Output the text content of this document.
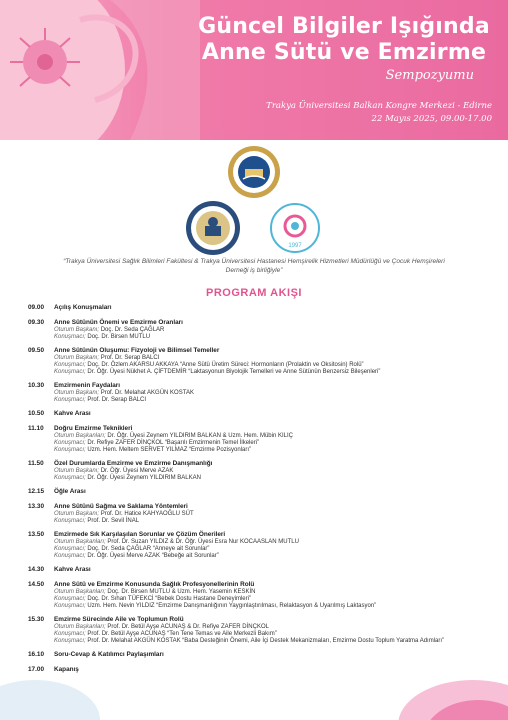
Güncel Bilgiler Işığında
Anne Sütü ve Emzirme
Sempozyumu
Trakya Üniversitesi Balkan Kongre Merkezi - Edirne
22 Mayıs 2025, 09.00-17.00
1997
“Trakya Üniversitesi Sağlık Bilimleri Fakültesi & Trakya Üniversitesi Hastanesi Hemşirelik Hizmetleri Müdürlüğü ve Çocuk Hemşireleri Derneği iş birliğiyle”
PROGRAM AKIŞI
09.00 Açılış Konuşmaları
09.30 Anne Sütünün Önemi ve Emzirme Oranları
Oturum Başkanı; Doç. Dr. Seda ÇAĞLAR
Konuşmacı; Doç. Dr. Birsen MUTLU
09.50 Anne Sütünün Oluşumu: Fizyoloji ve Bilimsel Temeller
Oturum Başkanı; Prof. Dr. Serap BALCI
Konuşmacı; Doç. Dr. Özlem AKARSU AKKAYA “Anne Sütü Üretim Süreci: Hormonların (Prolaktin ve Oksitosin) Rolü”
Konuşmacı; Dr. Öğr. Üyesi Nükhet A. ÇİFTDEMİR “Laktasyonun Biyolojik Temelleri ve Anne Sütünün Benzersiz Bileşenleri”
10.30 Emzirmenin Faydaları
Oturum Başkanı; Prof. Dr. Melahat AKGÜN KOSTAK
Konuşmacı; Prof. Dr. Serap BALCI
10.50 Kahve Arası
11.10 Doğru Emzirme Teknikleri
Oturum Başkanları; Dr. Öğr. Üyesi Zeynem YILDIRIM BALKAN & Uzm. Hem. Mübin KILIÇ
Konuşmacı; Dr. Refiye ZAFER DİNÇKOL “Başarılı Emzirmenin Temel İlkeleri”
Konuşmacı; Uzm. Hem. Meltem SERVET YILMAZ “Emzirme Pozisyonları”
11.50 Özel Durumlarda Emzirme ve Emzirme Danışmanlığı
Oturum Başkanı; Dr. Öğr. Üyesi Merve AZAK
Konuşmacı; Dr. Öğr. Üyesi Zeynem YILDIRIM BALKAN
12.15 Öğle Arası
13.30 Anne Sütünü Sağma ve Saklama Yöntemleri
Oturum Başkanı; Prof. Dr. Hatice KAHYAOĞLU SÜT
Konuşmacı; Prof. Dr. Sevil İNAL
13.50 Emzirmede Sık Karşılaşılan Sorunlar ve Çözüm Önerileri
Oturum Başkanları; Prof. Dr. Suzan YILDIZ & Dr. Öğr. Üyesi Esra Nur KOCAASLAN MUTLU
Konuşmacı; Doç. Dr. Seda ÇAĞLAR “Anneye ait Sorunlar”
Konuşmacı; Dr. Öğr. Üyesi Merve AZAK “Bebeğe ait Sorunlar”
14.30 Kahve Arası
14.50 Anne Sütü ve Emzirme Konusunda Sağlık Profesyonellerinin Rolü
Oturum Başkanları; Doç. Dr. Birsen MUTLU & Uzm. Hem. Yasemin KESKİN
Konuşmacı; Doç. Dr. Sıhan TÜFEKCİ “Bebek Dostu Hastane Deneyimleri”
Konuşmacı; Uzm. Hem. Nevin YILDIZ “Emzirme Danışmanlığının Yaygınlaştırılması, Relaktasyon & Uyarılmış Laktasyon”
15.30 Emzirme Sürecinde Aile ve Toplumun Rolü
Oturum Başkanları; Prof. Dr. Betül Ayşe ACUNAŞ & Dr. Refiye ZAFER DİNÇKOL
Konuşmacı; Prof. Dr. Betül Ayşe ACUNAŞ “Ten Tene Temas ve Aile Merkezli Bakım”
Konuşmacı; Prof. Dr. Melahat AKGÜN KOSTAK “Baba Desteğinin Önemi, Aile İçi Destek Mekanizmaları, Emzirme Dostu Toplum Yaratma Adımları”
16.10 Soru-Cevap & Katılımcı Paylaşımları
17.00 Kapanış
